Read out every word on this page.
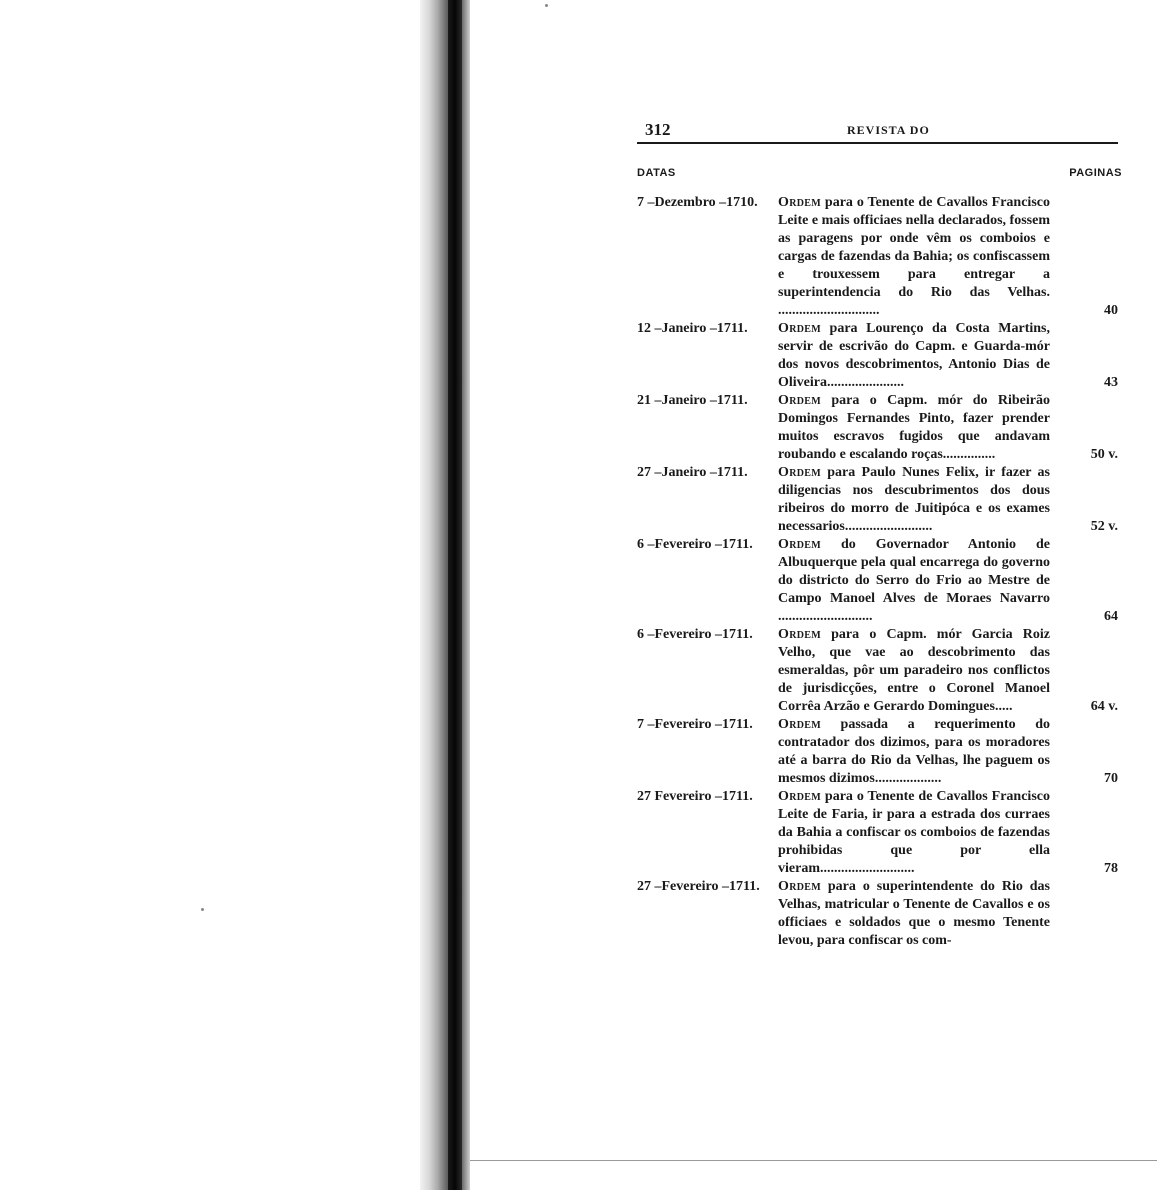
312	REVISTA DO
DATAS	PAGINAS
7 –Dezembro –1710. Ordem para o Tenente de Cavallos Francisco Leite e mais officiaes nella declarados, fossem as paragens por onde vêm os comboios e cargas de fazendas da Bahia; os confiscassem e trouxessem para entregar a superintendencia do Rio das Velhas. .............................	40
12 –Janeiro –1711. Ordem para Lourenço da Costa Martins, servir de escrivão do Capm. e Guarda-mór dos novos descobrimentos, Antonio Dias de Oliveira......................	43
21 –Janeiro –1711. Ordem para o Capm. mór do Ribeirão Domingos Fernandes Pinto, fazer prender muitos escravos fugidos que andavam roubando e escalando roças...............	50 v.
27 –Janeiro –1711. Ordem para Paulo Nunes Felix, ir fazer as diligencias nos descubrimentos dos dous ribeiros do morro de Juitipóca e os exames necessarios.........................	52 v.
6 –Fevereiro –1711. Ordem do Governador Antonio de Albuquerque pela qual encarrega do governo do districto do Serro do Frio ao Mestre de Campo Manoel Alves de Moraes Navarro ...........................	64
6 –Fevereiro –1711. Ordem para o Capm. mór Garcia Roiz Velho, que vae ao descobrimento das esmeraldas, pôr um paradeiro nos conflictos de jurisdicções, entre o Coronel Manoel Corrêa Arzão e Gerardo Domingues.....	64 v.
7 –Fevereiro –1711. Ordem passada a requerimento do contratador dos dizimos, para os moradores até a barra do Rio da Velhas, lhe paguem os mesmos dizimos...................	70
27 Fevereiro –1711. Ordem para o Tenente de Cavallos Francisco Leite de Faria, ir para a estrada dos curraes da Bahia a confiscar os comboios de fazendas prohibidas que por ella vieram...........................	78
27 –Fevereiro –1711. Ordem para o superintendente do Rio das Velhas, matricular o Tenente de Cavallos e os officiaes e soldados que o mesmo Tenente levou, para confiscar os com-
